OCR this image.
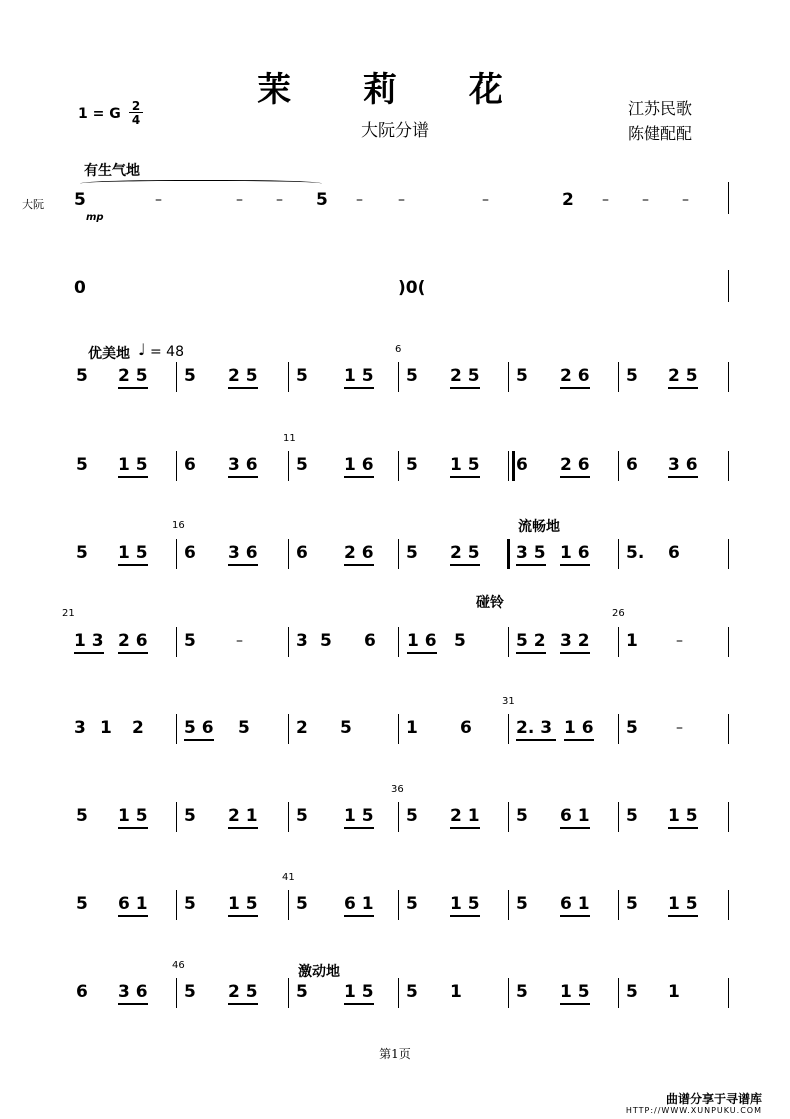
茉 莉 花
大阮分谱
江苏民歌
陈健配配
1 = G 2
4
大阮
有生气地
mp
优美地 ♩ = 48
流畅地
碰铃
激动地
6
11
16
21	26
31
36
41
46
5	–	– – 5 –	–	–	2 – – –
0	)0(
5 2 5 5 2 5 5 1 5 5 2 5 5 2 6 5 2 5
5 1 5 6 3 6 5 1 6 5 1 5 6 2 6 6 3 6
5 1 5 6 3 6 6 2 6 5 2 5 3 5 1 6 5. 6
1 3 2 6 5	–	3 5 6 1 6 5	5 2 3 2 1	–
3 1 2 5 6 5	2 5	1 6	2. 3 1 6 5	–
5 1 5 5 2 1 5 1 5 5 2 1 5 6 1 5 1 5
5 6 1 5 1 5 5 6 1 5 1 5 5 6 1 5 1 5
6 3 6 5 2 5 5 1 5 5 1	5 1 5 5 1
第1页
曲谱分享于寻谱库
HTTP://WWW.XUNPUKU.COM
